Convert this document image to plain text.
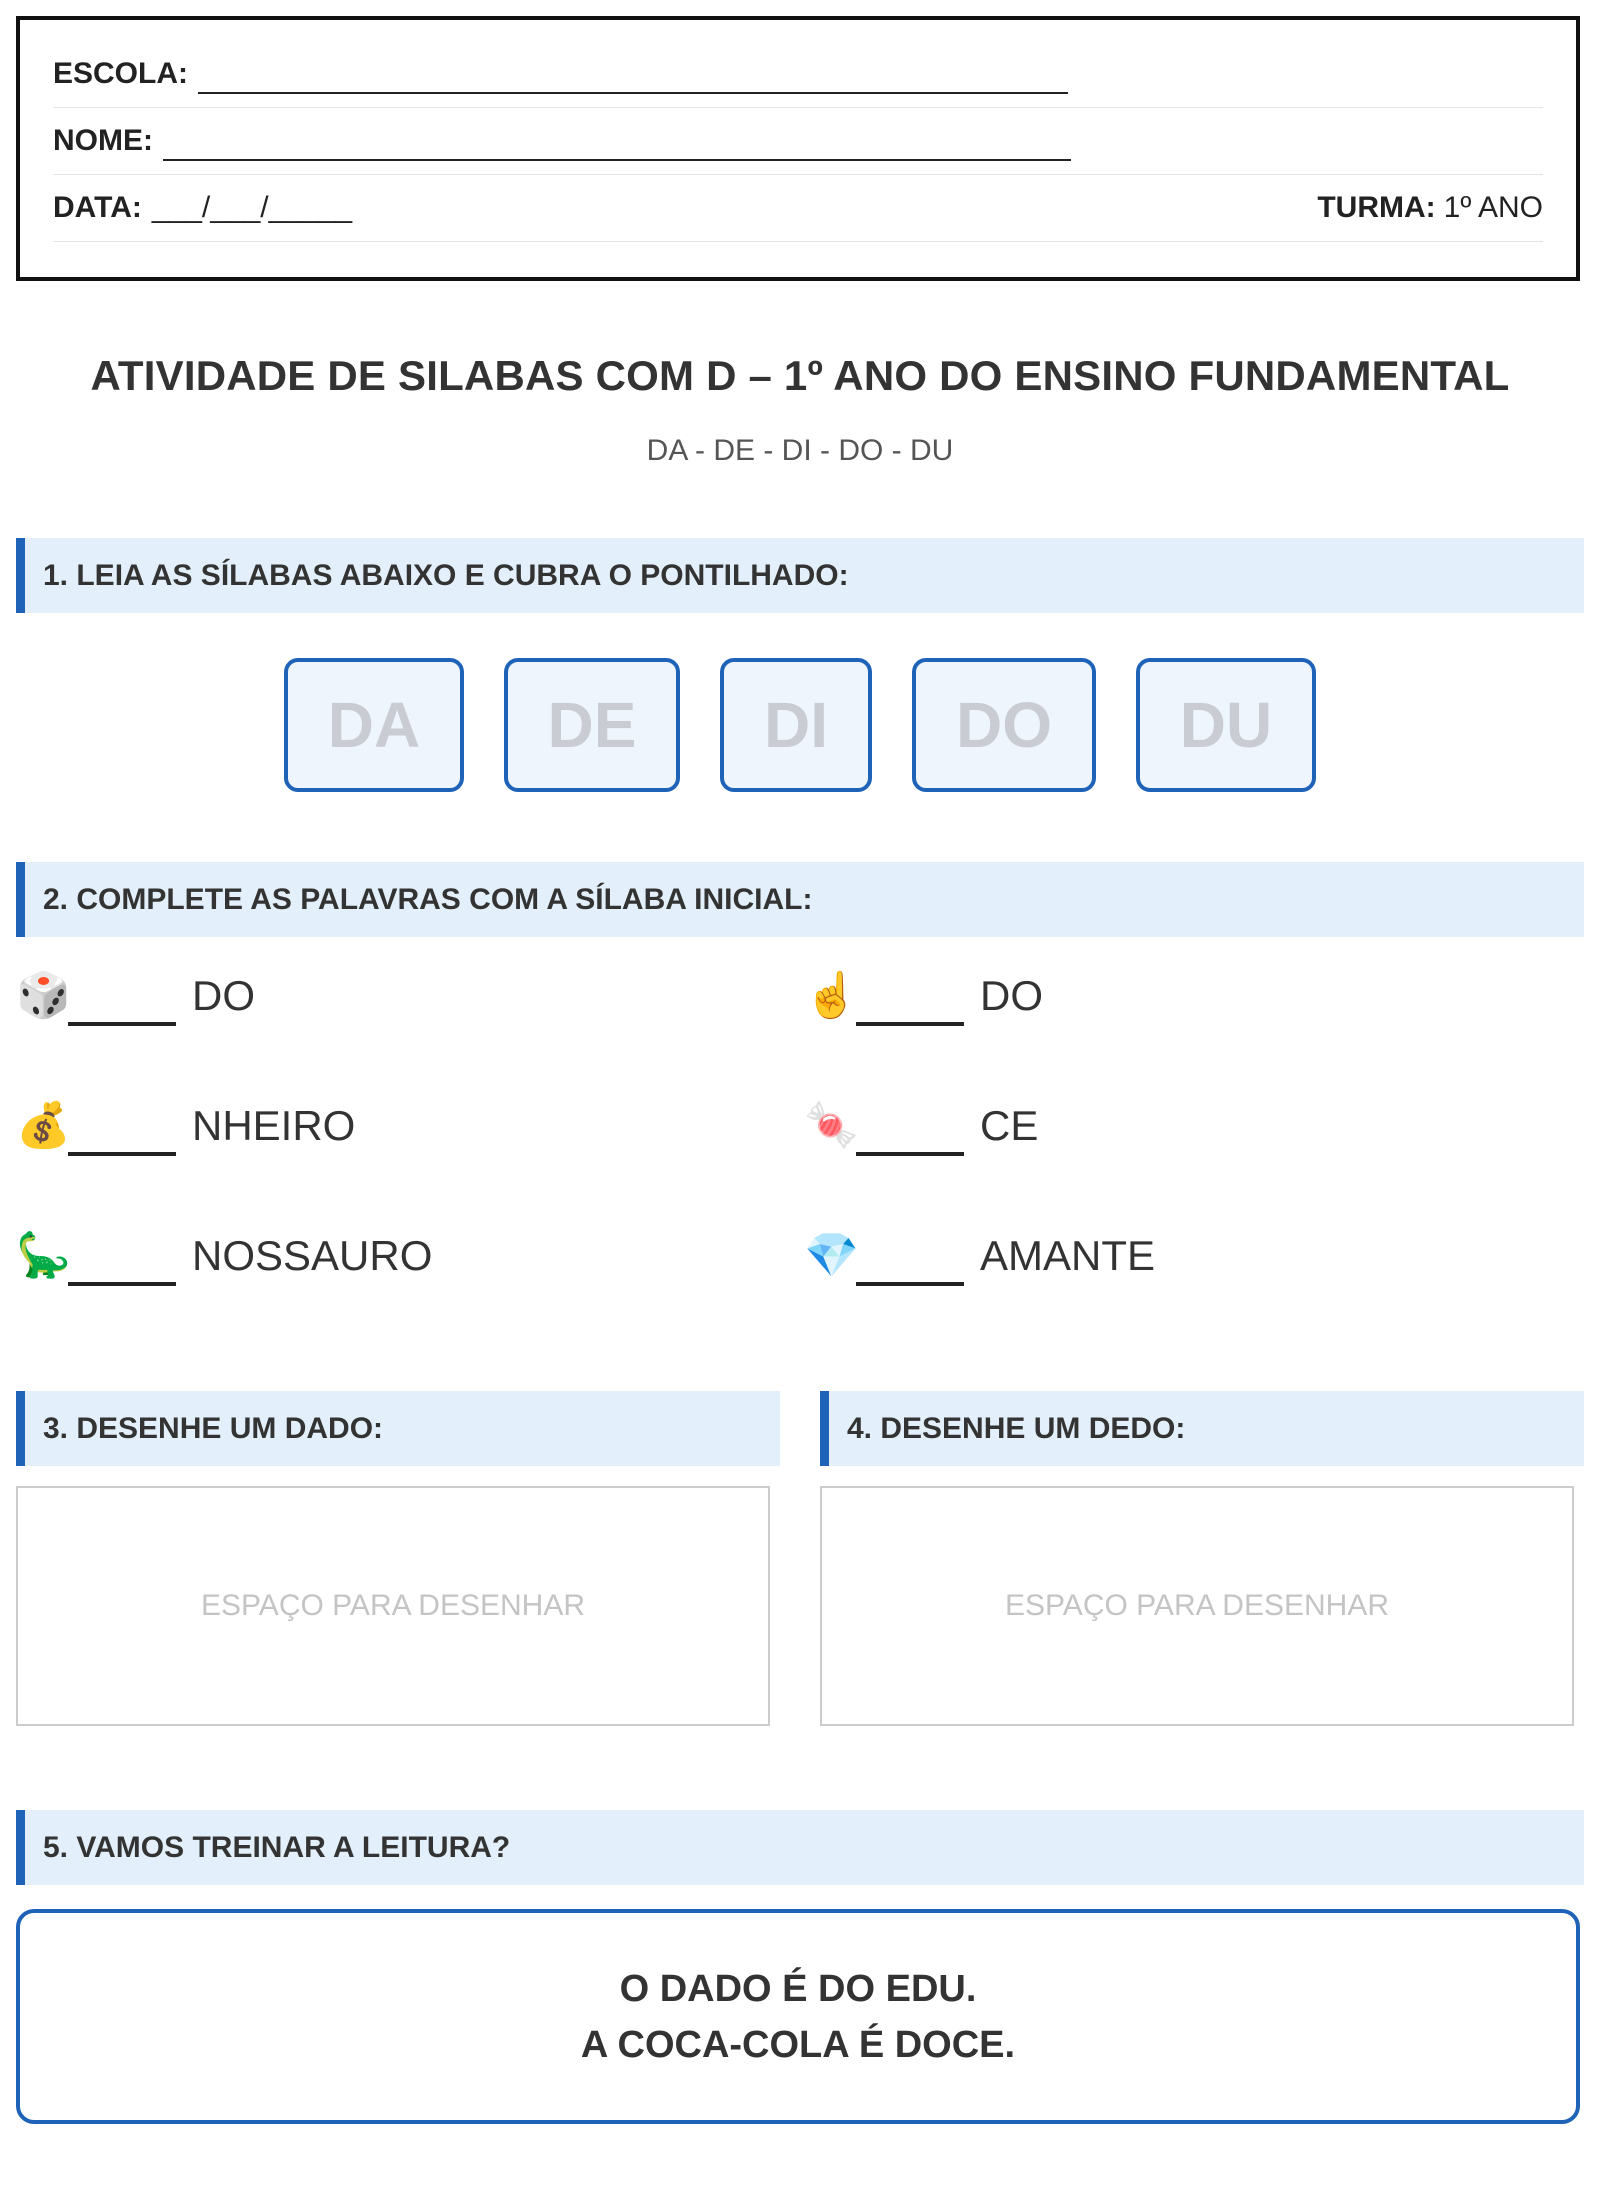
ESCOLA:
NOME:
DATA: ___/___/_____	TURMA: 1º ANO
ATIVIDADE DE SILABAS COM D – 1º ANO DO ENSINO FUNDAMENTAL
DA - DE - DI - DO - DU
1. LEIA AS SÍLABAS ABAIXO E CUBRA O PONTILHADO:
DA	DE	DI	DO	DU
2. COMPLETE AS PALAVRAS COM A SÍLABA INICIAL:
🎲	DO	☝️	DO
💰	NHEIRO	🍬	CE
🦕	NOSSAURO	💎	AMANTE
3. DESENHE UM DADO:	4. DESENHE UM DEDO:
ESPAÇO PARA DESENHAR	ESPAÇO PARA DESENHAR
5. VAMOS TREINAR A LEITURA?
O DADO É DO EDU.
A COCA-COLA É DOCE.
